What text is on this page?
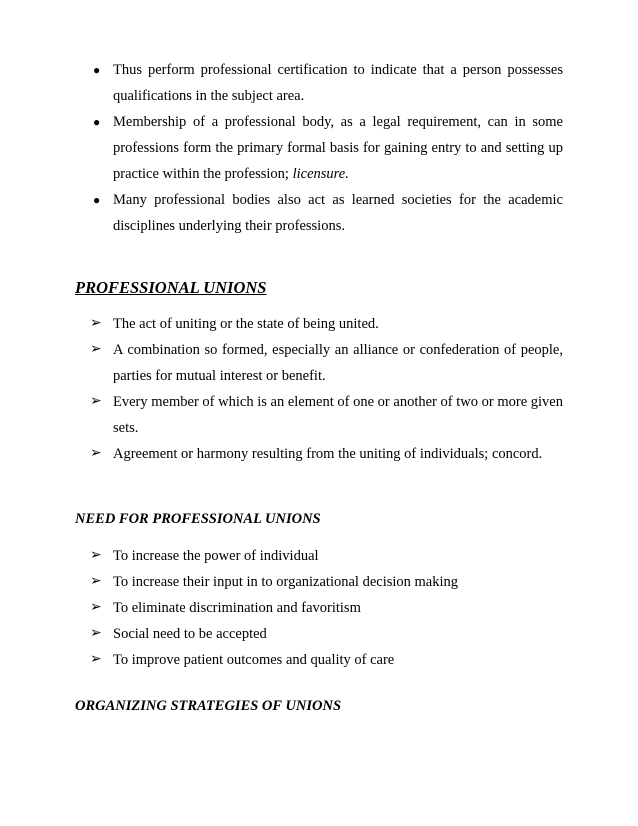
● Thus perform professional certification to indicate that a person possesses qualifications in the subject area.
● Membership of a professional body, as a legal requirement, can in some professions form the primary formal basis for gaining entry to and setting up practice within the profession; licensure.
● Many professional bodies also act as learned societies for the academic disciplines underlying their professions.
PROFESSIONAL UNIONS
➢ The act of uniting or the state of being united.
➢ A combination so formed, especially an alliance or confederation of people, parties for mutual interest or benefit.
➢ Every member of which is an element of one or another of two or more given sets.
➢ Agreement or harmony resulting from the uniting of individuals; concord.
NEED FOR PROFESSIONAL UNIONS
➢ To increase the power of individual
➢ To increase their input in to organizational decision making
➢ To eliminate discrimination and favoritism
➢ Social need to be accepted
➢ To improve patient outcomes and quality of care
ORGANIZING STRATEGIES OF UNIONS
